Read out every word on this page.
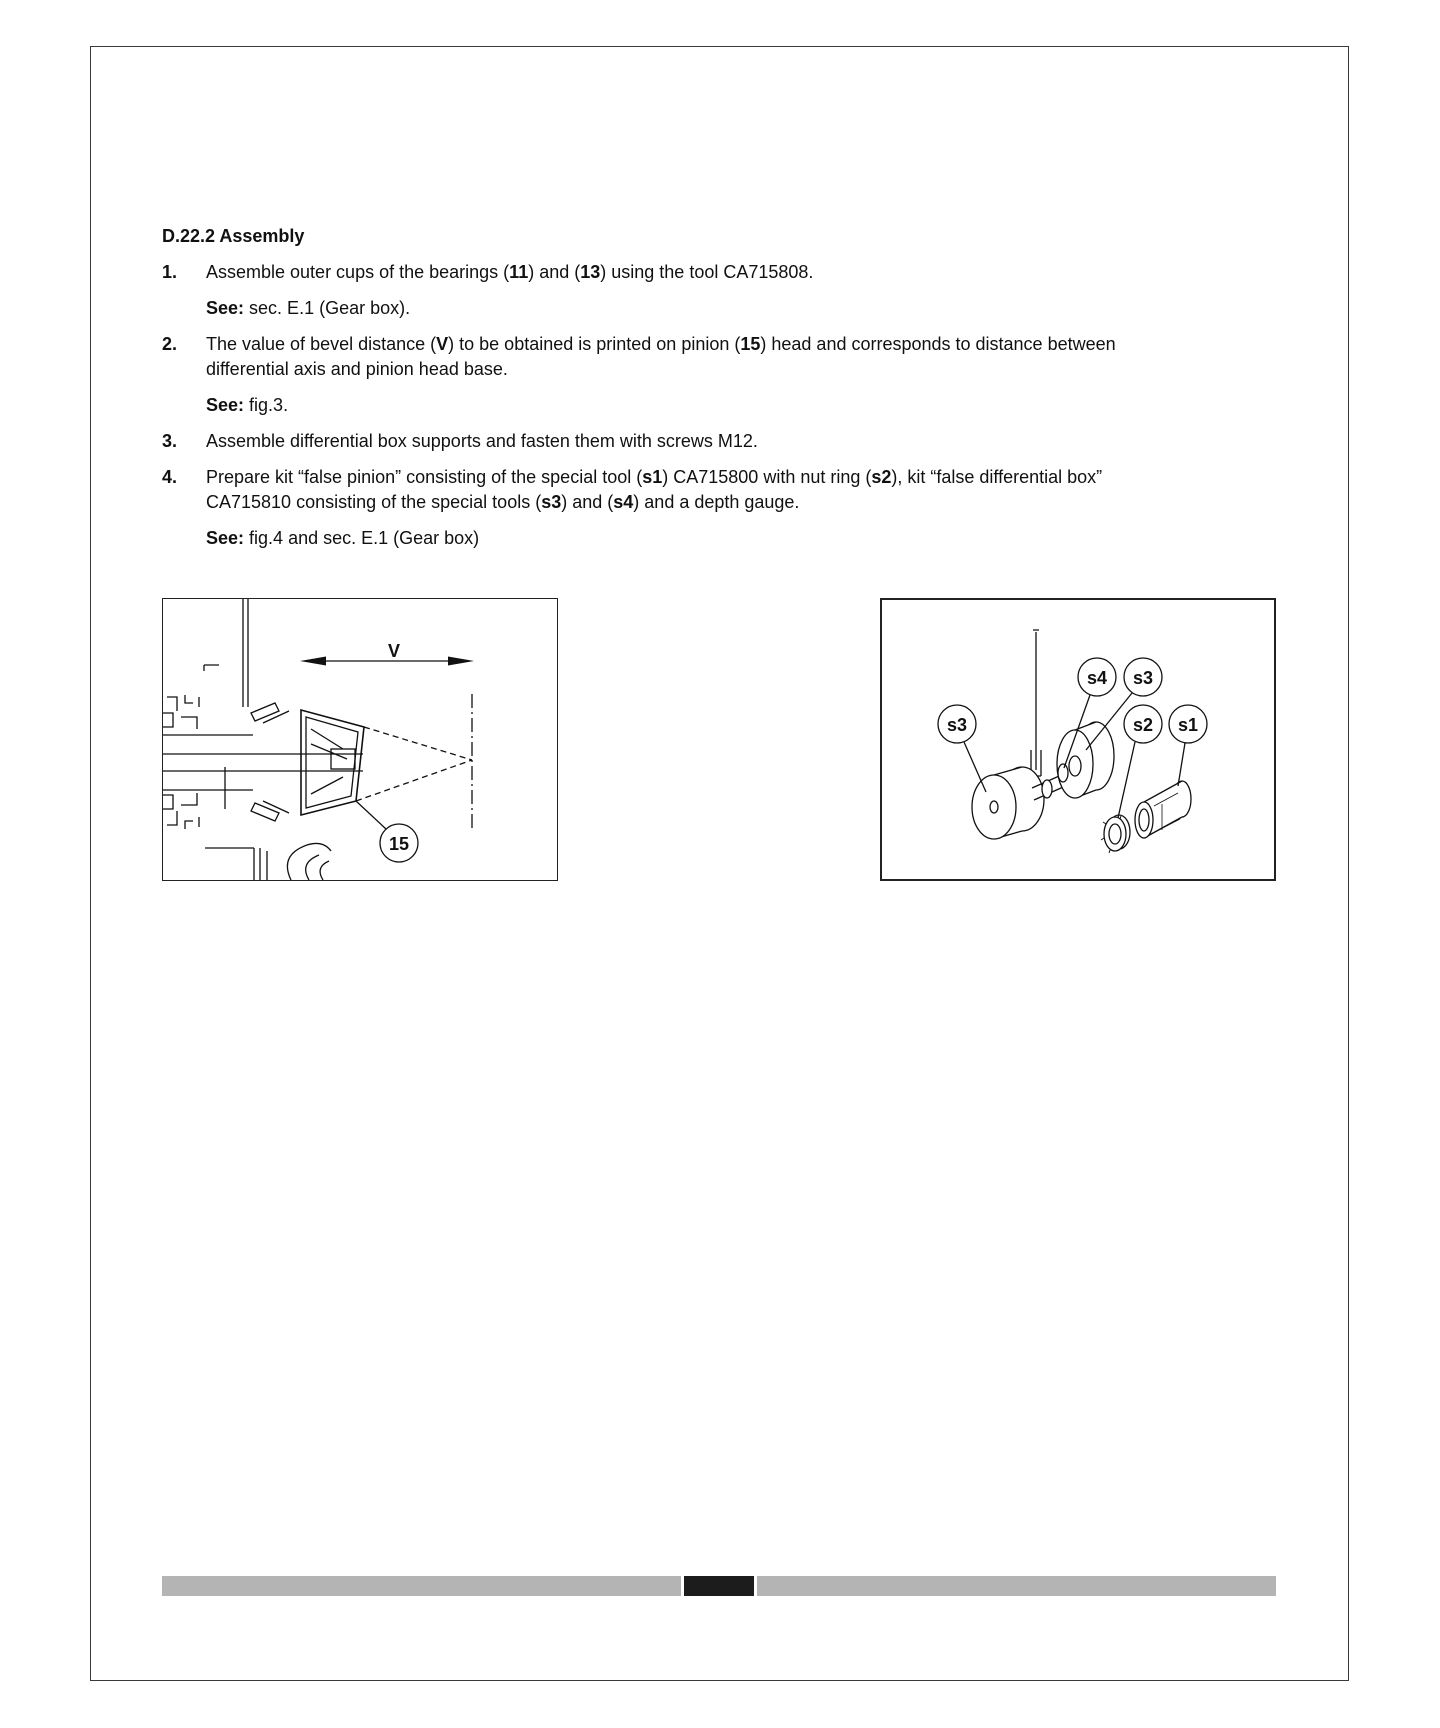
D.22.2 Assembly
1.	Assemble outer cups of the bearings (11) and (13) using the tool CA715808.
See: sec. E.1 (Gear box).
2.	The value of bevel distance (V) to be obtained is printed on pinion (15) head and corresponds to distance between
differential axis and pinion head base.
See: fig.3.
3.	Assemble differential box supports and fasten them with screws M12.
4.	Prepare kit “false pinion” consisting of the special tool (s1) CA715800 with nut ring (s2), kit “false differential box”
CA715810 consisting of the special tools (s3) and (s4) and a depth gauge.
See: fig.4 and sec. E.1 (Gear box)
V
15
s4 s3
s3	s2 s1
